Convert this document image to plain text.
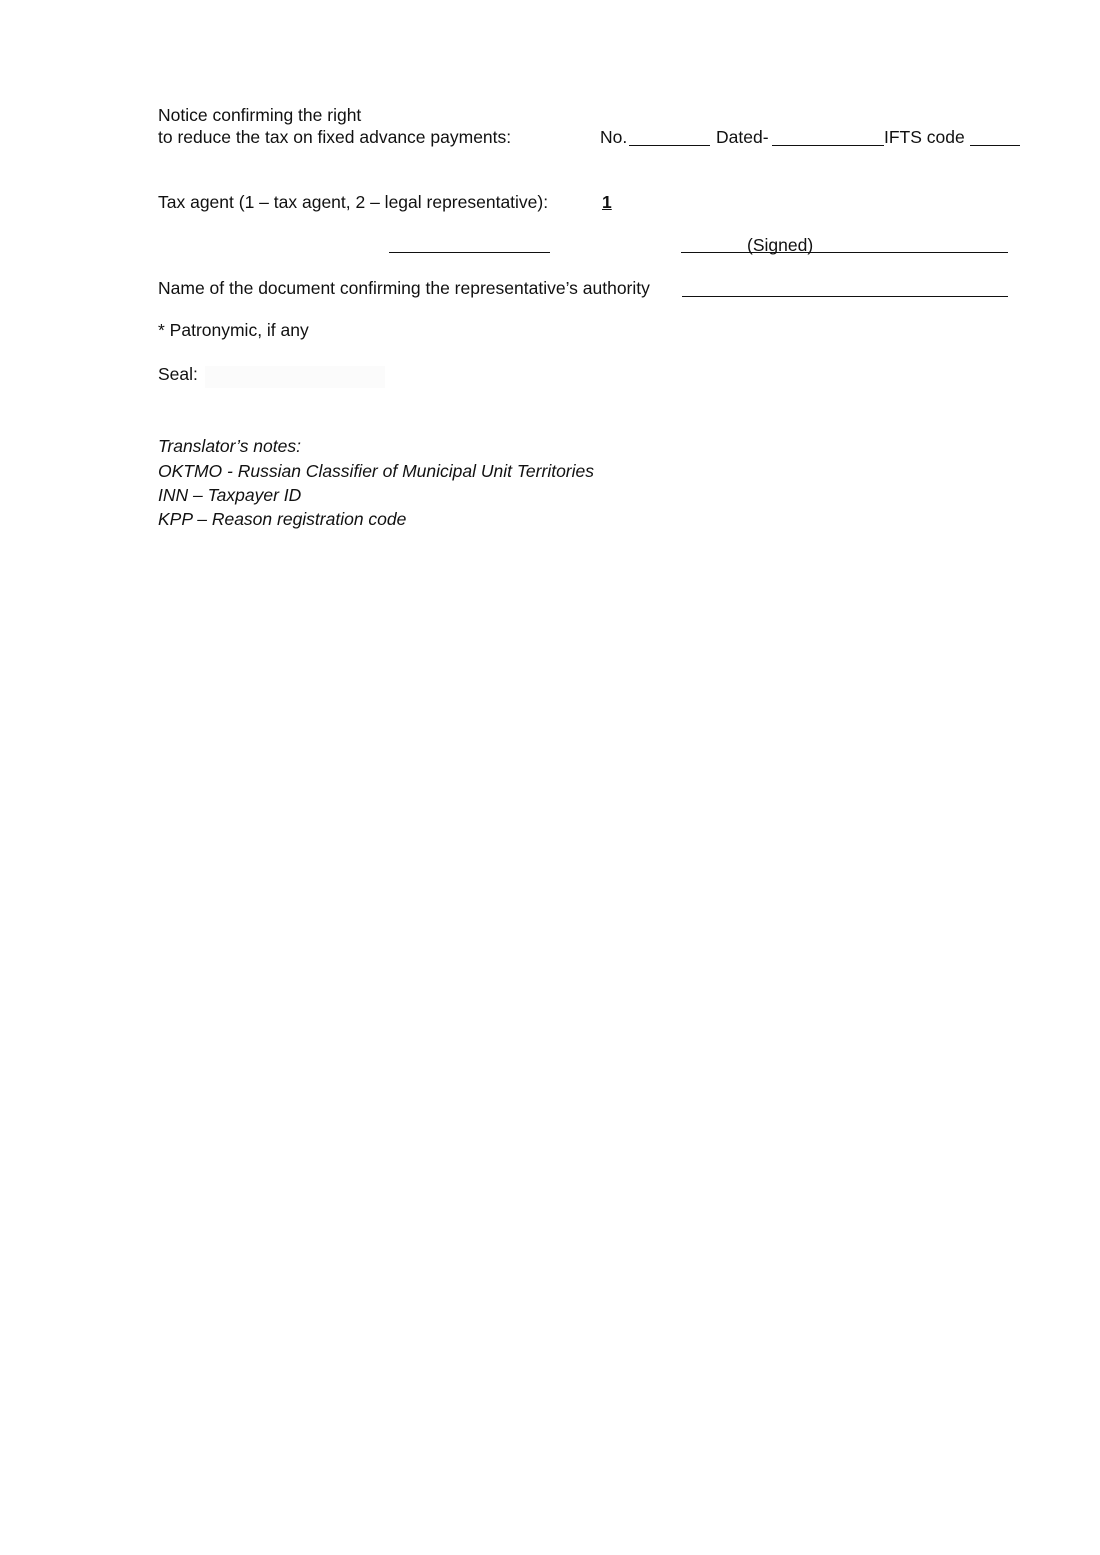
Notice confirming the right
to reduce the tax on fixed advance payments:	No.	Dated-	IFTS code
Tax agent (1 – tax agent, 2 – legal representative):	1
(Signed)
Name of the document confirming the representative’s authority
* Patronymic, if any
Seal:
Translator’s notes:
OKTMO - Russian Classifier of Municipal Unit Territories
INN – Taxpayer ID
KPP – Reason registration code
